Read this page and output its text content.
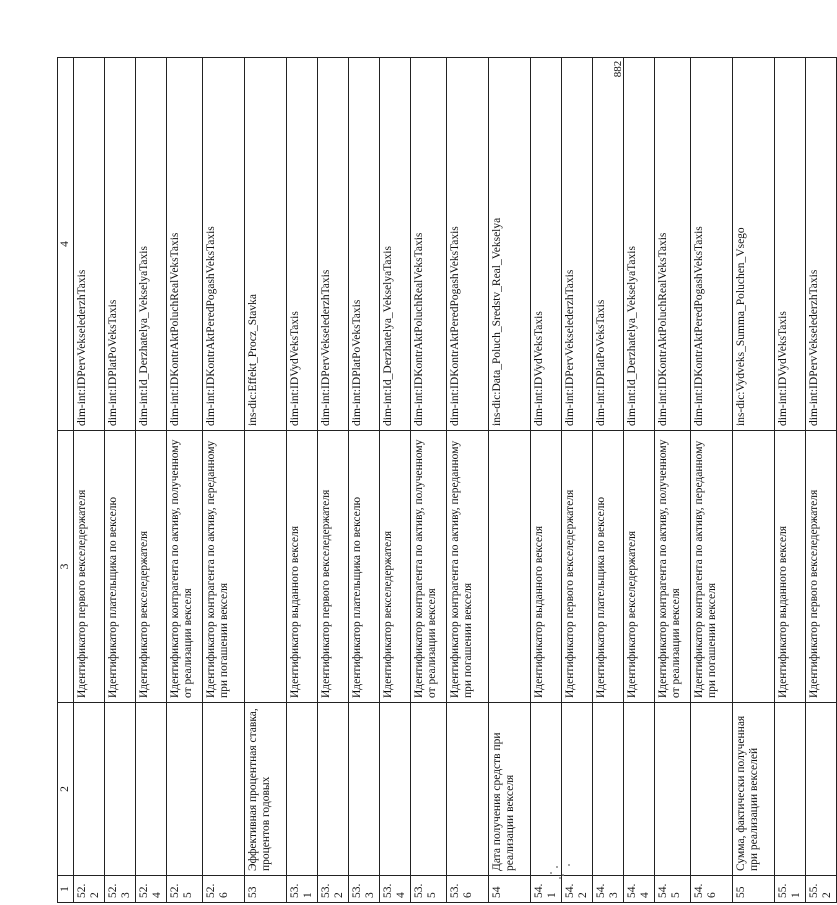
1	2	3	4
52.2		Идентификатор первого векселедержателя	dim-int:IDPervVekselederzhTaxis
52.3		Идентификатор плательщика по векселю	dim-int:IDPlatPoVeksTaxis
52.4		Идентификатор векселедержателя	dim-int:Id_Derzhatelya_VekselyaTaxis
52.5		Идентификатор контрагента по активу, полученному от реализации векселя	dim-int:IDKontrAktPoluchRealVeksTaxis
52.6		Идентификатор контрагента по активу, переданному при погашении векселя	dim-int:IDKontrAktPeredPogashVeksTaxis
53	Эффективная процентная ставка, процентов годовых		ins-dic:Effekt_Procz_Stavka
53.1		Идентификатор выданного векселя	dim-int:IDVydVeksTaxis
53.2		Идентификатор первого векселедержателя	dim-int:IDPervVekselederzhTaxis
53.3		Идентификатор плательщика по векселю	dim-int:IDPlatPoVeksTaxis
53.4		Идентификатор векселедержателя	dim-int:Id_Derzhatelya_VekselyaTaxis
53.5		Идентификатор контрагента по активу, полученному от реализации векселя	dim-int:IDKontrAktPoluchRealVeksTaxis
53.6		Идентификатор контрагента по активу, переданному при погашении векселя	dim-int:IDKontrAktPeredPogashVeksTaxis
54	Дата получения средств при реализации векселя		ins-dic:Data_Poluch_Sredstv_Real_Vekselya
54.1		Идентификатор выданного векселя	dim-int:IDVydVeksTaxis
54.2		Идентификатор первого векселедержателя	dim-int:IDPervVekselederzhTaxis
54.3		Идентификатор плательщика по векселю	dim-int:IDPlatPoVeksTaxis
54.4		Идентификатор векселедержателя	dim-int:Id_Derzhatelya_VekselyaTaxis
54.5		Идентификатор контрагента по активу, полученному от реализации векселя	dim-int:IDKontrAktPoluchRealVeksTaxis
54.6		Идентификатор контрагента по активу, переданному при погашении векселя	dim-int:IDKontrAktPeredPogashVeksTaxis
55	Сумма, фактически полученная при реализации векселей		ins-dic:Vydveks_Summa_Poluchen_Vsego
55.1		Идентификатор выданного векселя	dim-int:IDVydVeksTaxis
55.2		Идентификатор первого векселедержателя	dim-int:IDPervVekselederzhTaxis
882
